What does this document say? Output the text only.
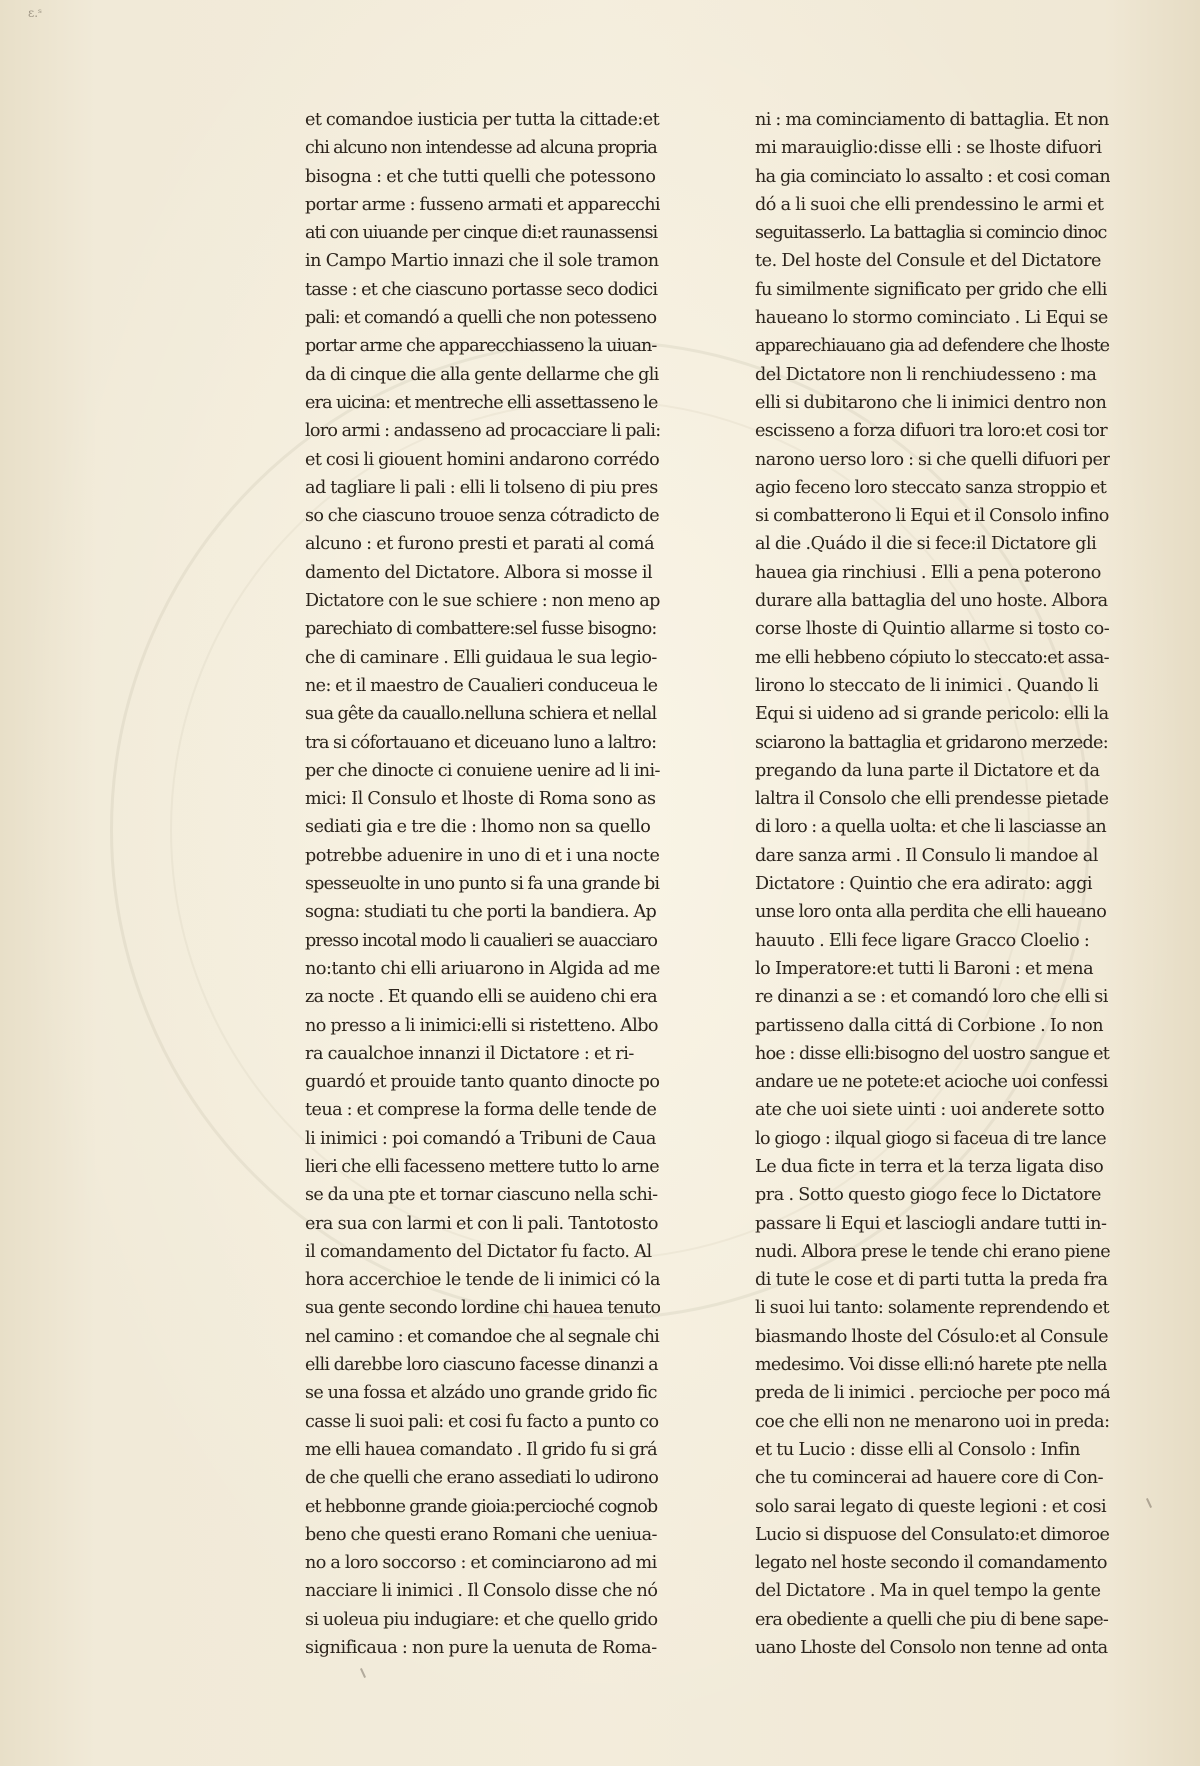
ɛ.ˢ
et comandoe iusticia per tutta la cittade:et
chi alcuno non intendesse ad alcuna propria
bisogna : et che tutti quelli che potessono
portar arme : fusseno armati et apparecchi
ati con uiuande per cinque di:et raunassensi
in Campo Martio innazi che il sole tramon
tasse : et che ciascuno portasse seco dodici
pali: et comandó a quelli che non potesseno
portar arme che apparecchiasseno la uiuan-
da di cinque die alla gente dellarme che gli
era uicina: et mentreche elli assettasseno le
loro armi : andasseno ad procacciare li pali:
et cosi li giouent homini andarono corrédo
ad tagliare li pali : elli li tolseno di piu pres
so che ciascuno trouoe senza cótradicto de
alcuno : et furono presti et parati al comá
damento del Dictatore. Albora si mosse il
Dictatore con le sue schiere : non meno ap
parechiato di combattere:sel fusse bisogno:
che di caminare . Elli guidaua le sua legio-
ne: et il maestro de Caualieri conduceua le
sua gête da cauallo.nelluna schiera et nellal
tra si cófortauano et diceuano luno a laltro:
per che dinocte ci conuiene uenire ad li ini-
mici: Il Consulo et lhoste di Roma sono as
sediati gia e tre die : lhomo non sa quello
potrebbe aduenire in uno di et i una nocte
spesseuolte in uno punto si fa una grande bi
sogna: studiati tu che porti la bandiera. Ap
presso incotal modo li caualieri se auacciaro
no:tanto chi elli ariuarono in Algida ad me
za nocte . Et quando elli se auideno chi era
no presso a li inimici:elli si ristetteno. Albo
ra caualchoe innanzi il Dictatore : et ri-
guardó et prouide tanto quanto dinocte po
teua : et comprese la forma delle tende de
li inimici : poi comandó a Tribuni de Caua
lieri che elli facesseno mettere tutto lo arne
se da una pte et tornar ciascuno nella schi-
era sua con larmi et con li pali. Tantotosto
il comandamento del Dictator fu facto. Al
hora accerchioe le tende de li inimici có la
sua gente secondo lordine chi hauea tenuto
nel camino : et comandoe che al segnale chi
elli darebbe loro ciascuno facesse dinanzi a
se una fossa et alzádo uno grande grido fic
casse li suoi pali: et cosi fu facto a punto co
me elli hauea comandato . Il grido fu si grá
de che quelli che erano assediati lo udirono
et hebbonne grande gioia:percioché cognob
beno che questi erano Romani che ueniua-
no a loro soccorso : et cominciarono ad mi
nacciare li inimici . Il Consolo disse che nó
si uoleua piu indugiare: et che quello grido
significaua : non pure la uenuta de Roma-
ni : ma cominciamento di battaglia. Et non
mi marauiglio:disse elli : se lhoste difuori
ha gia cominciato lo assalto : et cosi coman
dó a li suoi che elli prendessino le armi et
seguitasserlo. La battaglia si comincio dinoc
te. Del hoste del Consule et del Dictatore
fu similmente significato per grido che elli
haueano lo stormo cominciato . Li Equi se
apparechiauano gia ad defendere che lhoste
del Dictatore non li renchiudesseno : ma
elli si dubitarono che li inimici dentro non
escisseno a forza difuori tra loro:et cosi tor
narono uerso loro : si che quelli difuori per
agio feceno loro steccato sanza stroppio et
si combatterono li Equi et il Consolo infino
al die .Quádo il die si fece:il Dictatore gli
hauea gia rinchiusi . Elli a pena poterono
durare alla battaglia del uno hoste. Albora
corse lhoste di Quintio allarme si tosto co-
me elli hebbeno cópiuto lo steccato:et assa-
lirono lo steccato de li inimici . Quando li
Equi si uideno ad si grande pericolo: elli la
sciarono la battaglia et gridarono merzede:
pregando da luna parte il Dictatore et da
laltra il Consolo che elli prendesse pietade
di loro : a quella uolta: et che li lasciasse an
dare sanza armi . Il Consulo li mandoe al
Dictatore : Quintio che era adirato: aggi
unse loro onta alla perdita che elli haueano
hauuto . Elli fece ligare Gracco Cloelio :
lo Imperatore:et tutti li Baroni : et mena
re dinanzi a se : et comandó loro che elli si
partisseno dalla cittá di Corbione . Io non
hoe : disse elli:bisogno del uostro sangue et
andare ue ne potete:et acioche uoi confessi
ate che uoi siete uinti : uoi anderete sotto
lo giogo : ilqual giogo si faceua di tre lance
Le dua ficte in terra et la terza ligata diso
pra . Sotto questo giogo fece lo Dictatore
passare li Equi et lasciogli andare tutti in-
nudi. Albora prese le tende chi erano piene
di tute le cose et di parti tutta la preda fra
li suoi lui tanto: solamente reprendendo et
biasmando lhoste del Cósulo:et al Consule
medesimo. Voi disse elli:nó harete pte nella
preda de li inimici . percioche per poco má
coe che elli non ne menarono uoi in preda:
et tu Lucio : disse elli al Consolo : Infin
che tu comincerai ad hauere core di Con-
solo sarai legato di queste legioni : et cosi
Lucio si dispuose del Consulato:et dimoroe
legato nel hoste secondo il comandamento
del Dictatore . Ma in quel tempo la gente
era obediente a quelli che piu di bene sape-
uano Lhoste del Consolo non tenne ad onta
